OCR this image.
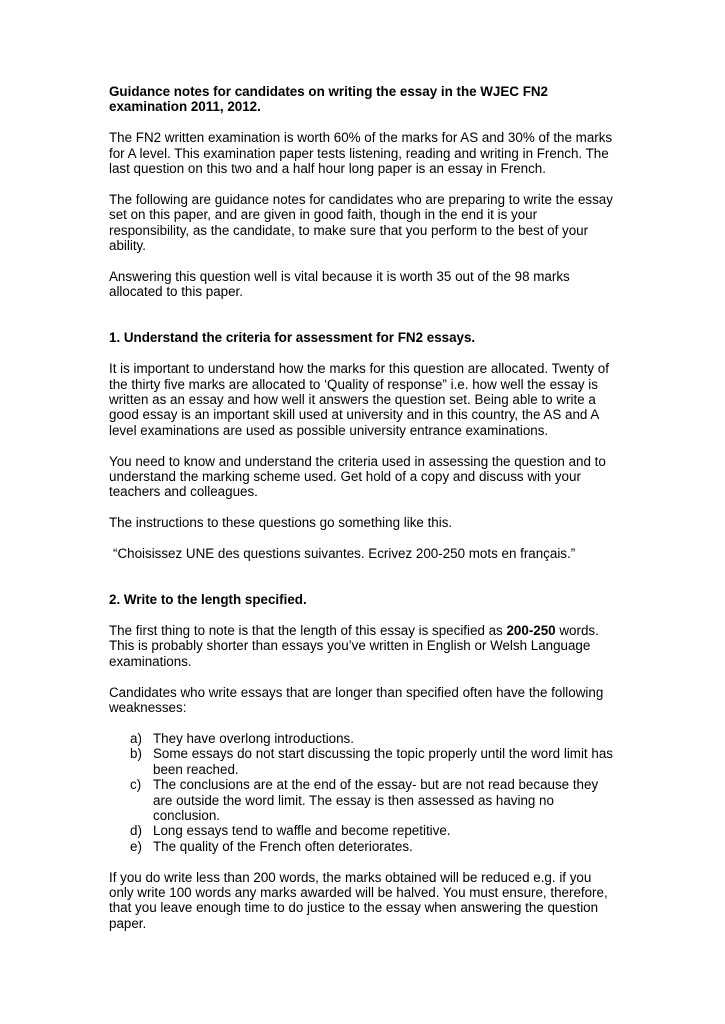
Guidance notes for candidates on writing the essay in the WJEC FN2
examination 2011, 2012.

The FN2 written examination is worth 60% of the marks for AS and 30% of the marks for A level. This examination paper tests listening, reading and writing in French. The last question on this two and a half hour long paper is an essay in French.

The following are guidance notes for candidates who are preparing to write the essay set on this paper, and are given in good faith, though in the end it is your responsibility, as the candidate, to make sure that you perform to the best of your ability.

Answering this question well is vital because it is worth 35 out of the 98 marks allocated to this paper.

1. Understand the criteria for assessment for FN2 essays.

It is important to understand how the marks for this question are allocated. Twenty of the thirty five marks are allocated to ‘Quality of response” i.e. how well the essay is written as an essay and how well it answers the question set. Being able to write a good essay is an important skill used at university and in this country, the AS and A level examinations are used as possible university entrance examinations.

You need to know and understand the criteria used in assessing the question and to understand the marking scheme used. Get hold of a copy and discuss with your teachers and colleagues.

The instructions to these questions go something like this.

“Choisissez UNE des questions suivantes. Ecrivez 200-250 mots en français.”

2. Write to the length specified.

The first thing to note is that the length of this essay is specified as 200-250 words. This is probably shorter than essays you’ve written in English or Welsh Language examinations.

Candidates who write essays that are longer than specified often have the following weaknesses:

a) They have overlong introductions.
b) Some essays do not start discussing the topic properly until the word limit has been reached.
c) The conclusions are at the end of the essay- but are not read because they are outside the word limit. The essay is then assessed as having no conclusion.
d) Long essays tend to waffle and become repetitive.
e) The quality of the French often deteriorates.

If you do write less than 200 words, the marks obtained will be reduced e.g. if you only write 100 words any marks awarded will be halved. You must ensure, therefore, that you leave enough time to do justice to the essay when answering the question paper.
